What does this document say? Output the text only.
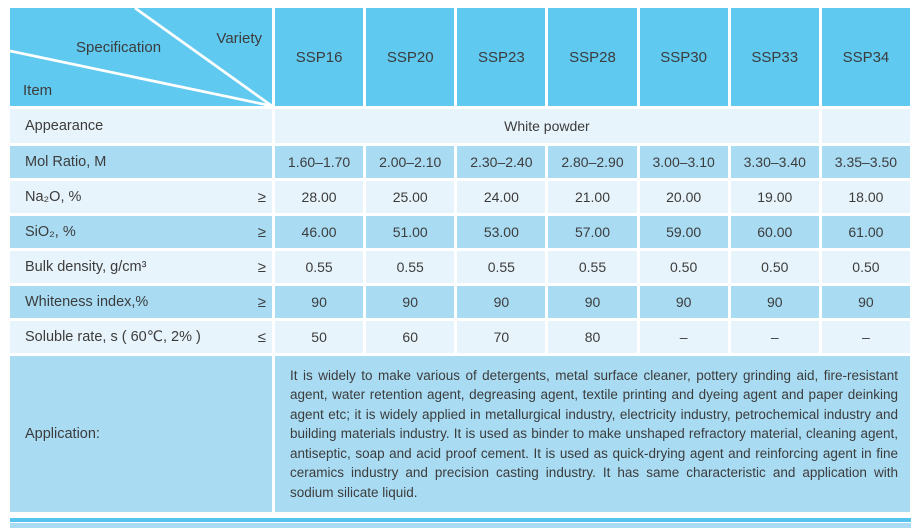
Specification
Variety
Item
SSP16	SSP20	SSP23	SSP28	SSP30	SSP33	SSP34
Appearance	White powder
Mol Ratio, M	1.60–1.70	2.00–2.10	2.30–2.40	2.80–2.90	3.00–3.10	3.30–3.40	3.35–3.50
Na₂O, %	≥	28.00	25.00	24.00	21.00	20.00	19.00	18.00
SiO₂, %	≥	46.00	51.00	53.00	57.00	59.00	60.00	61.00
Bulk density, g/cm³	≥	0.55	0.55	0.55	0.55	0.50	0.50	0.50
Whiteness index,%	≥	90	90	90	90	90	90	90
Soluble rate, s ( 60℃, 2% )	≤	50	60	70	80	–	–	–
Application:
It is widely to make various of detergents, metal surface cleaner, pottery grinding aid, fire-resistant agent, water retention agent, degreasing agent, textile printing and dyeing agent and paper deinking agent etc; it is widely applied in metallurgical industry, electricity industry, petrochemical industry and building materials industry. It is used as binder to make unshaped refractory material, cleaning agent, antiseptic, soap and acid proof cement. It is used as quick-drying agent and reinforcing agent in fine ceramics industry and precision casting industry. It has same characteristic and application with sodium silicate liquid.
